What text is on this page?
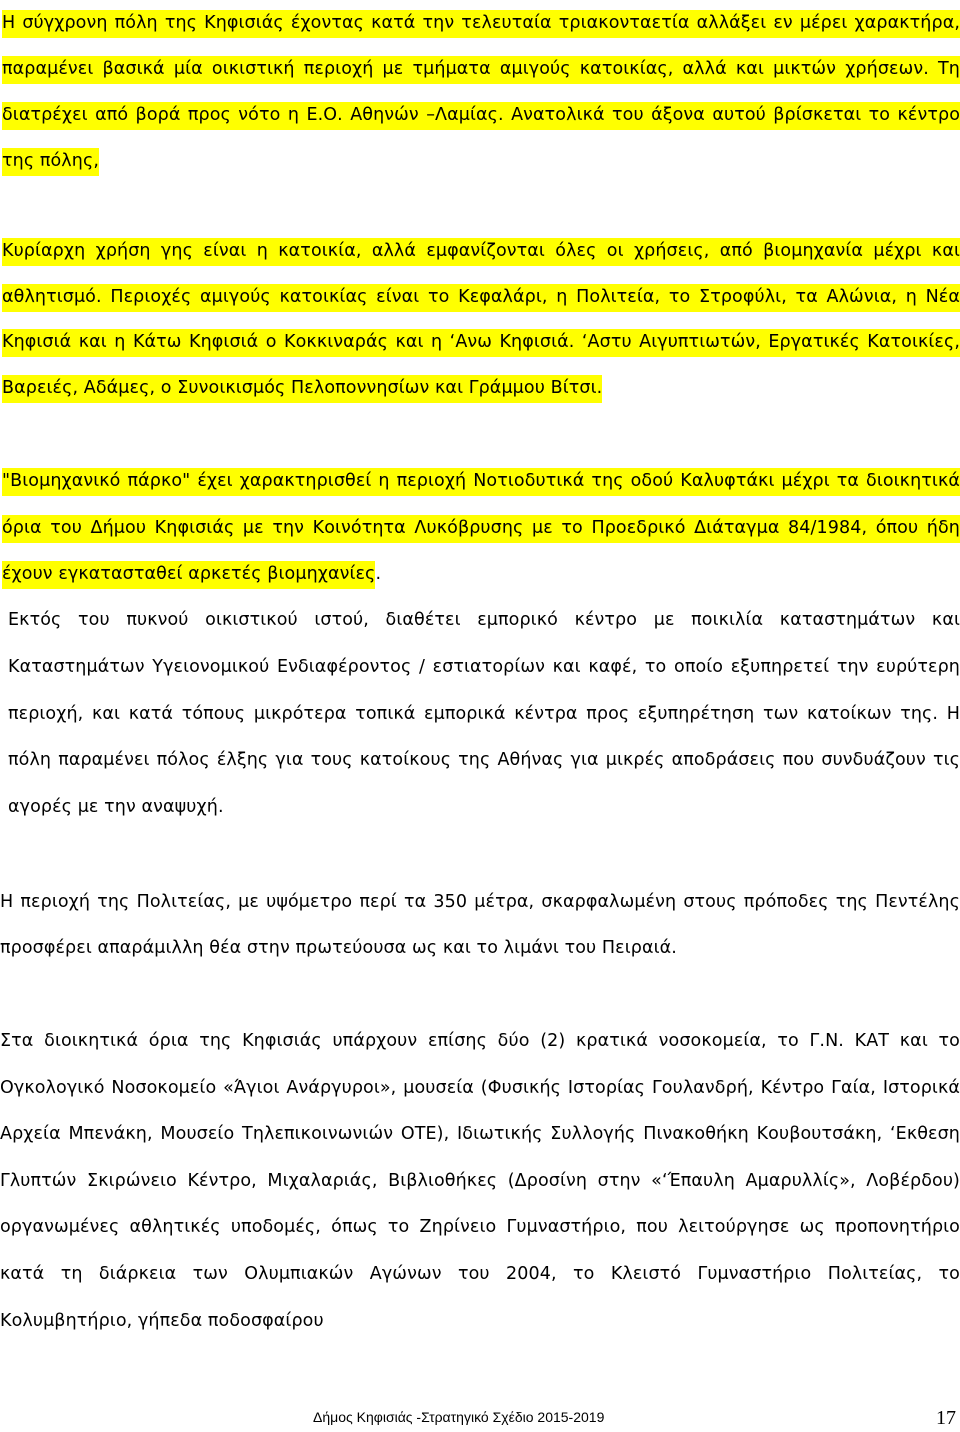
Η σύγχρονη πόλη της Κηφισιάς έχοντας κατά την τελευταία τριακονταετία αλλάξει εν μέρει χαρακτήρα, παραμένει βασικά μία οικιστική περιοχή με τμήματα αμιγούς κατοικίας, αλλά και μικτών χρήσεων. Τη διατρέχει από βορά προς νότο η Ε.Ο. Αθηνών –Λαμίας. Ανατολικά του άξονα αυτού βρίσκεται το κέντρο της πόλης,
Κυρίαρχη χρήση γης είναι η κατοικία, αλλά εμφανίζονται όλες οι χρήσεις, από βιομηχανία μέχρι και αθλητισμό. Περιοχές αμιγούς κατοικίας είναι το Κεφαλάρι, η Πολιτεία, το Στροφύλι, τα Αλώνια, η Νέα Κηφισιά και η Κάτω Κηφισιά ο Κοκκιναράς και η ‘Ανω Κηφισιά. ‘Αστυ Αιγυπτιωτών, Εργατικές Κατοικίες, Βαρειές, Αδάμες, ο Συνοικισμός Πελοποννησίων και Γράμμου Βίτσι.
"Βιομηχανικό πάρκο" έχει χαρακτηρισθεί η περιοχή Νοτιοδυτικά της οδού Καλυφτάκι μέχρι τα διοικητικά όρια του Δήμου Κηφισιάς με την Κοινότητα Λυκόβρυσης με το Προεδρικό Διάταγμα 84/1984, όπου ήδη έχουν εγκατασταθεί αρκετές βιομηχανίες.
Εκτός του πυκνού οικιστικού ιστού, διαθέτει εμπορικό κέντρο με ποικιλία καταστημάτων και Καταστημάτων Υγειονομικού Ενδιαφέροντος / εστιατορίων και καφέ, το οποίο εξυπηρετεί την ευρύτερη περιοχή, και κατά τόπους μικρότερα τοπικά εμπορικά κέντρα προς εξυπηρέτηση των κατοίκων της. Η πόλη παραμένει πόλος έλξης για τους κατοίκους της Αθήνας για μικρές αποδράσεις που συνδυάζουν τις αγορές με την αναψυχή.
Η περιοχή της Πολιτείας, με υψόμετρο περί τα 350 μέτρα, σκαρφαλωμένη στους πρόποδες της Πεντέλης προσφέρει απαράμιλλη θέα στην πρωτεύουσα ως και το λιμάνι του Πειραιά.
Στα διοικητικά όρια της Κηφισιάς υπάρχουν επίσης δύο (2) κρατικά νοσοκομεία, το Γ.Ν. ΚΑΤ και το Ογκολογικό Νοσοκομείο «Άγιοι Ανάργυροι», μουσεία (Φυσικής Ιστορίας Γουλανδρή, Κέντρο Γαία, Ιστορικά Αρχεία Μπενάκη, Μουσείο Τηλεπικοινωνιών ΟΤΕ), Ιδιωτικής Συλλογής Πινακοθήκη Κουβουτσάκη, ‘Εκθεση Γλυπτών Σκιρώνειο Κέντρο, Μιχαλαριάς, Βιβλιοθήκες (Δροσίνη στην «‘Έπαυλη Αμαρυλλίς», Λοβέρδου) οργανωμένες αθλητικές υποδομές, όπως το Ζηρίνειο Γυμναστήριο, που λειτούργησε ως προπονητήριο κατά τη διάρκεια των Ολυμπιακών Αγώνων του 2004, το Κλειστό Γυμναστήριο Πολιτείας, το Κολυμβητήριο, γήπεδα ποδοσφαίρου
Δήμος Κηφισιάς -Στρατηγικό Σχέδιο 2015-2019	17
